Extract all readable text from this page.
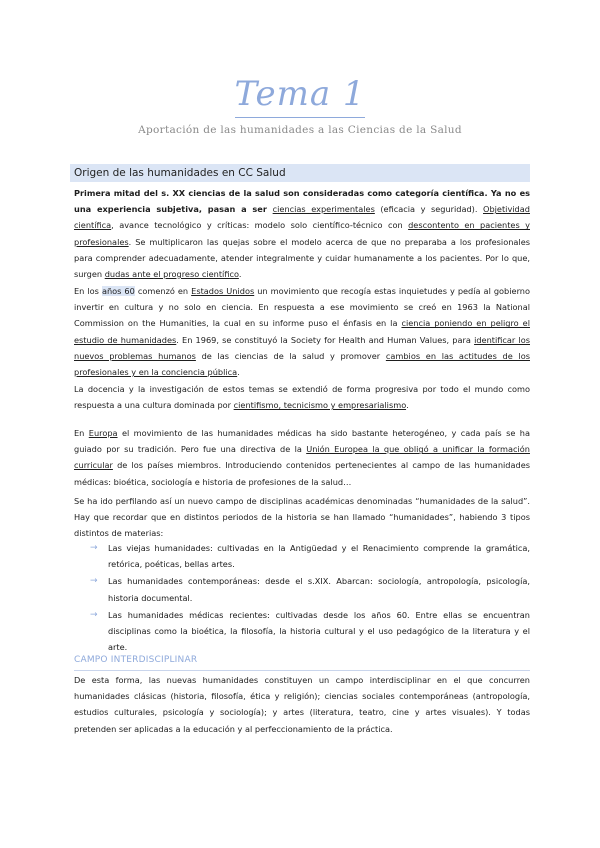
Tema 1
Aportación de las humanidades a las Ciencias de la Salud
Origen de las humanidades en CC Salud
Primera mitad del s. XX ciencias de la salud son consideradas como categoría científica. Ya no es una experiencia subjetiva, pasan a ser ciencias experimentales (eficacia y seguridad). Objetividad científica, avance tecnológico y críticas: modelo solo científico-técnico con descontento en pacientes y profesionales. Se multiplicaron las quejas sobre el modelo acerca de que no preparaba a los profesionales para comprender adecuadamente, atender integralmente y cuidar humanamente a los pacientes. Por lo que, surgen dudas ante el progreso científico.
En los años 60 comenzó en Estados Unidos un movimiento que recogía estas inquietudes y pedía al gobierno invertir en cultura y no solo en ciencia. En respuesta a ese movimiento se creó en 1963 la National Commission on the Humanities, la cual en su informe puso el énfasis en la ciencia poniendo en peligro el estudio de humanidades. En 1969, se constituyó la Society for Health and Human Values, para identificar los nuevos problemas humanos de las ciencias de la salud y promover cambios en las actitudes de los profesionales y en la conciencia pública.
La docencia y la investigación de estos temas se extendió de forma progresiva por todo el mundo como respuesta a una cultura dominada por cientifismo, tecnicismo y empresarialismo.
En Europa el movimiento de las humanidades médicas ha sido bastante heterogéneo, y cada país se ha guiado por su tradición. Pero fue una directiva de la Unión Europea la que obligó a unificar la formación curricular de los países miembros. Introduciendo contenidos pertenecientes al campo de las humanidades médicas: bioética, sociología e historia de profesiones de la salud…
Se ha ido perfilando así un nuevo campo de disciplinas académicas denominadas “humanidades de la salud”. Hay que recordar que en distintos periodos de la historia se han llamado “humanidades”, habiendo 3 tipos distintos de materias:
→ Las viejas humanidades: cultivadas en la Antigüedad y el Renacimiento comprende la gramática, retórica, poéticas, bellas artes.
→ Las humanidades contemporáneas: desde el s.XIX. Abarcan: sociología, antropología, psicología, historia documental.
→ Las humanidades médicas recientes: cultivadas desde los años 60. Entre ellas se encuentran disciplinas como la bioética, la filosofía, la historia cultural y el uso pedagógico de la literatura y el arte.
CAMPO INTERDISCIPLINAR
De esta forma, las nuevas humanidades constituyen un campo interdisciplinar en el que concurren humanidades clásicas (historia, filosofía, ética y religión); ciencias sociales contemporáneas (antropología, estudios culturales, psicología y sociología); y artes (literatura, teatro, cine y artes visuales). Y todas pretenden ser aplicadas a la educación y al perfeccionamiento de la práctica.
